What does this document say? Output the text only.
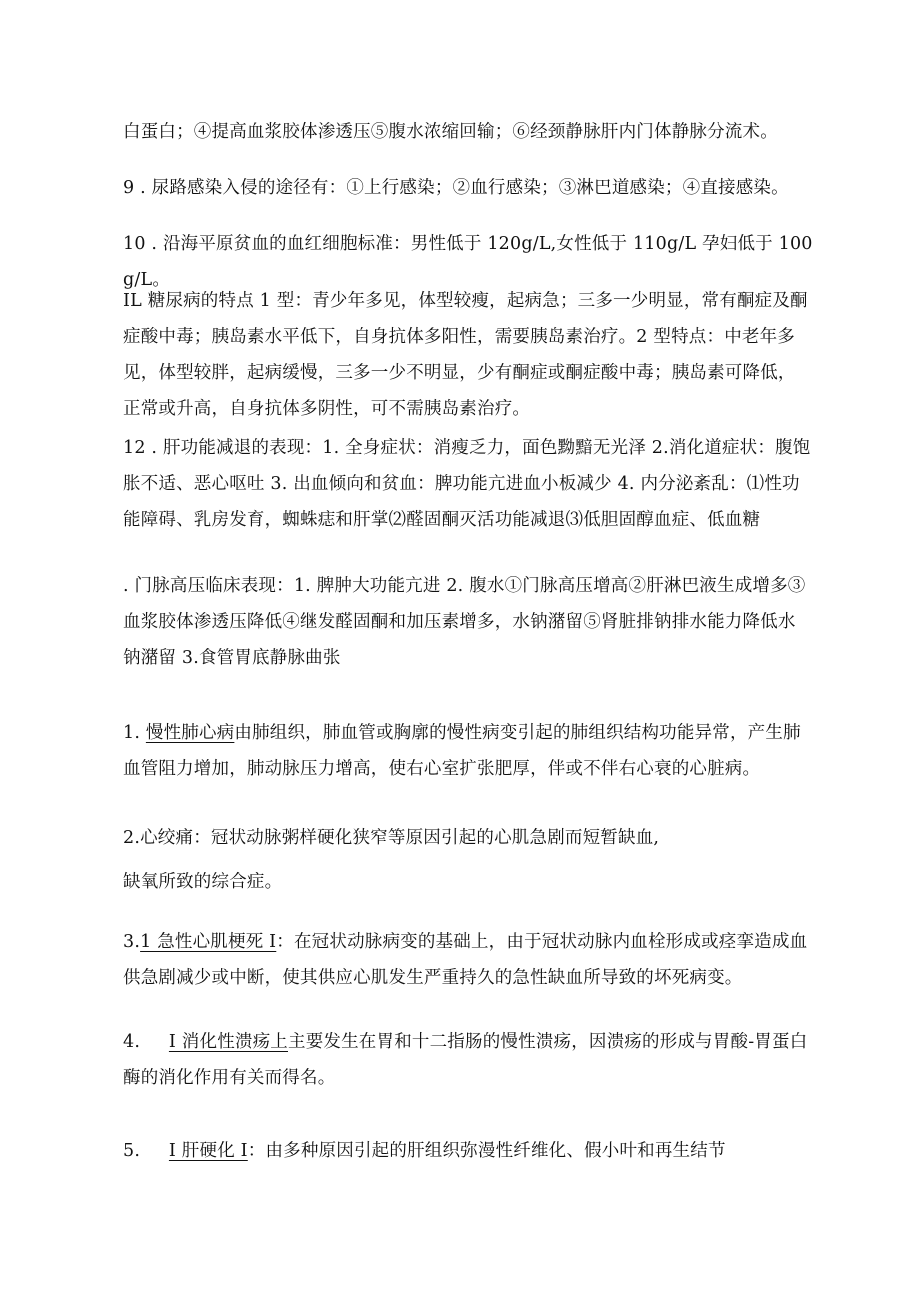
白蛋白；④提高血浆胶体渗透压⑤腹水浓缩回输；⑥经颈静脉肝内门体静脉分流术。

9 . 尿路感染入侵的途径有：①上行感染；②血行感染；③淋巴道感染；④直接感染。

10 . 沿海平原贫血的血红细胞标准：男性低于 120g/L,女性低于 110g/L 孕妇低于 100g/L。

IL 糖尿病的特点 1 型：青少年多见，体型较瘦，起病急；三多一少明显，常有酮症及酮症酸中毒；胰岛素水平低下，自身抗体多阳性，需要胰岛素治疗。2 型特点：中老年多见，体型较胖，起病缓慢，三多一少不明显，少有酮症或酮症酸中毒；胰岛素可降低，正常或升高，自身抗体多阴性，可不需胰岛素治疗。

12 . 肝功能减退的表现：1. 全身症状：消瘦乏力，面色黝黯无光泽 2.消化道症状：腹饱胀不适、恶心呕吐 3. 出血倾向和贫血：脾功能亢进血小板减少 4. 内分泌紊乱：⑴性功能障碍、乳房发育，蜘蛛痣和肝掌⑵醛固酮灭活功能减退⑶低胆固醇血症、低血糖

. 门脉高压临床表现：1. 脾肿大功能亢进 2. 腹水①门脉高压增高②肝淋巴液生成增多③血浆胶体渗透压降低④继发醛固酮和加压素增多，水钠潴留⑤肾脏排钠排水能力降低水钠潴留 3.食管胃底静脉曲张

1. 慢性肺心病由肺组织，肺血管或胸廓的慢性病变引起的肺组织结构功能异常，产生肺血管阻力增加，肺动脉压力增高，使右心室扩张肥厚，伴或不伴右心衰的心脏病。

2.心绞痛：冠状动脉粥样硬化狭窄等原因引起的心肌急剧而短暂缺血,

缺氧所致的综合症。

3.1 急性心肌梗死 I：在冠状动脉病变的基础上，由于冠状动脉内血栓形成或痉挛造成血供急剧减少或中断，使其供应心肌发生严重持久的急性缺血所导致的坏死病变。

4.     I 消化性溃疡上主要发生在胃和十二指肠的慢性溃疡，因溃疡的形成与胃酸-胃蛋白酶的消化作用有关而得名。

5.     I 肝硬化 I：由多种原因引起的肝组织弥漫性纤维化、假小叶和再生结节
